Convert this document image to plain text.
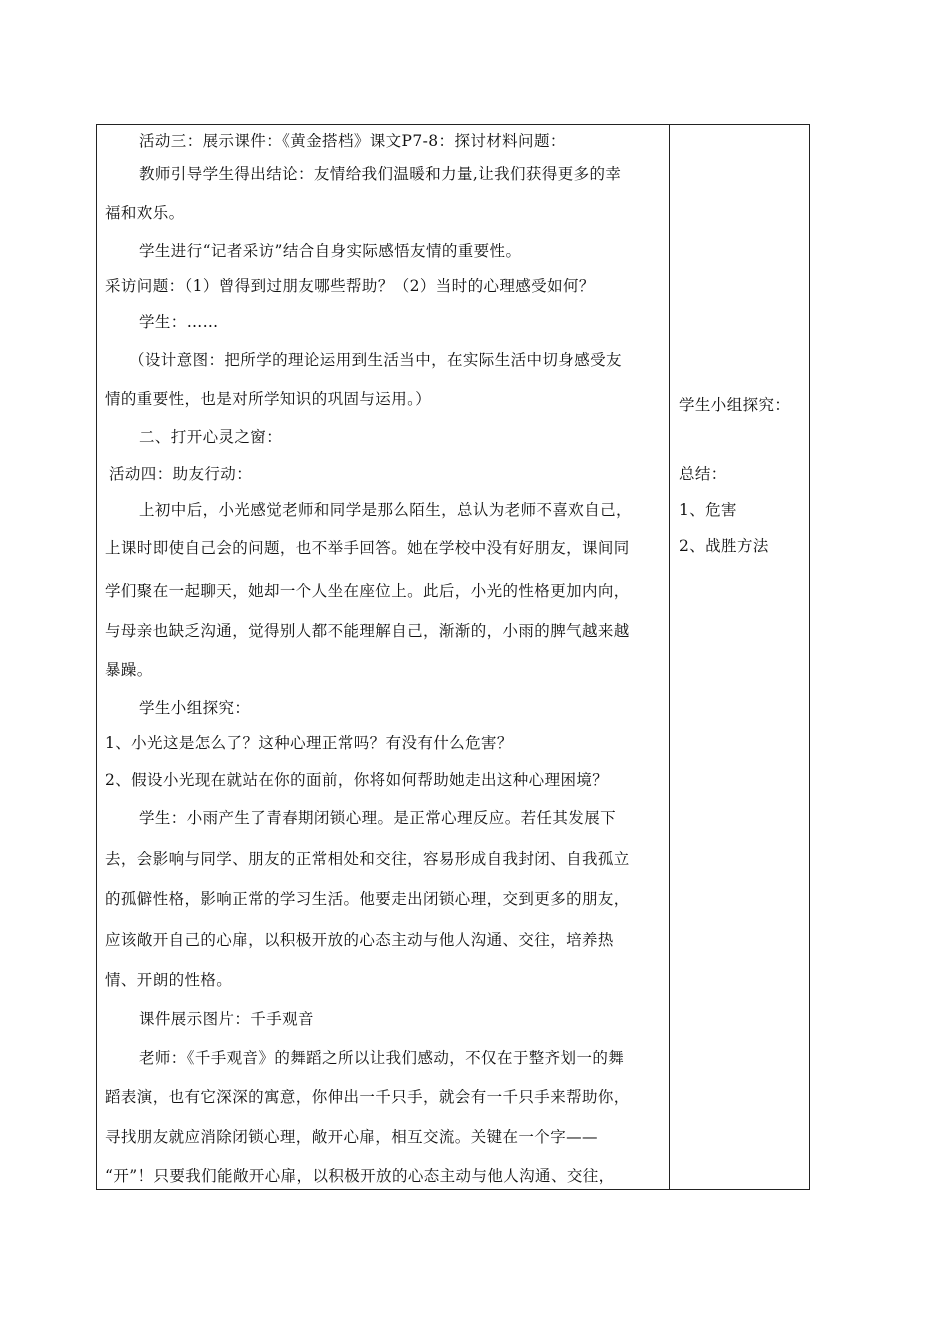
活动三：展示课件：《黄金搭档》课文P7-8：探讨材料问题：
教师引导学生得出结论：友情给我们温暖和力量,让我们获得更多的幸
福和欢乐。
学生进行“记者采访”结合自身实际感悟友情的重要性。
采访问题：（1）曾得到过朋友哪些帮助？（2）当时的心理感受如何？
学生：……
（设计意图：把所学的理论运用到生活当中，在实际生活中切身感受友
情的重要性，也是对所学知识的巩固与运用。）
二、打开心灵之窗：
活动四：助友行动：
上初中后，小光感觉老师和同学是那么陌生，总认为老师不喜欢自己，
上课时即使自己会的问题，也不举手回答。她在学校中没有好朋友，课间同
学们聚在一起聊天，她却一个人坐在座位上。此后，小光的性格更加内向，
与母亲也缺乏沟通，觉得别人都不能理解自己，渐渐的，小雨的脾气越来越
暴躁。
学生小组探究：
1、小光这是怎么了？这种心理正常吗？有没有什么危害？
2、假设小光现在就站在你的面前，你将如何帮助她走出这种心理困境？
学生：小雨产生了青春期闭锁心理。是正常心理反应。若任其发展下
去，会影响与同学、朋友的正常相处和交往，容易形成自我封闭、自我孤立
的孤僻性格，影响正常的学习生活。他要走出闭锁心理，交到更多的朋友，
应该敞开自己的心扉，以积极开放的心态主动与他人沟通、交往，培养热
情、开朗的性格。
课件展示图片：千手观音
老师：《千手观音》的舞蹈之所以让我们感动，不仅在于整齐划一的舞
蹈表演，也有它深深的寓意，你伸出一千只手，就会有一千只手来帮助你，
寻找朋友就应消除闭锁心理，敞开心扉，相互交流。关键在一个字——
“开”！只要我们能敞开心扉，以积极开放的心态主动与他人沟通、交往，
学生小组探究：
总结：
1、危害
2、战胜方法
